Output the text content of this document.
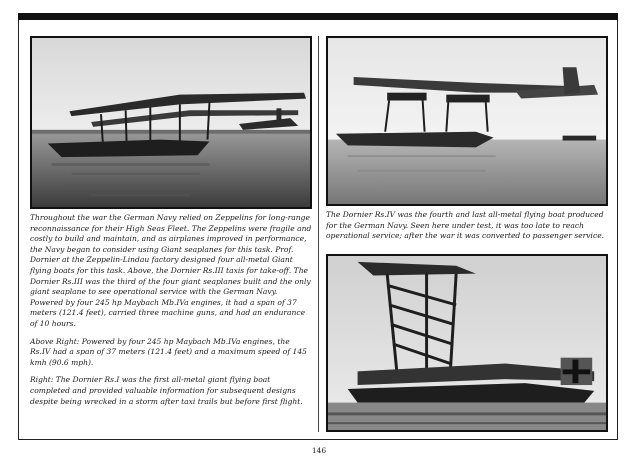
Throughout the war the German Navy relied on Zeppelins for long-range reconnaissance for their High Seas Fleet. The Zeppelins were fragile and costly to build and maintain, and as airplanes improved in performance, the Navy began to consider using Giant seaplanes for this task. Prof. Dornier at the Zeppelin-Lindau factory designed four all-metal Giant flying boats for this task. Above, the Dornier Rs.III taxis for take-off. The Dornier Rs.III was the third of the four giant seaplanes built and the only giant seaplane to see operational service with the German Navy. Powered by four 245 hp Maybach Mb.IVa engines, it had a span of 37 meters (121.4 feet), carried three machine guns, and had an endurance of 10 hours.

Above Right: Powered by four 245 hp Maybach Mb.IVa engines, the Rs.IV had a span of 37 meters (121.4 feet) and a maximum speed of 145 kmh (90.6 mph).

Right: The Dornier Rs.I was the first all-metal giant flying boat completed and provided valuable information for subsequent designs despite being wrecked in a storm after taxi trails but before first flight.

The Dornier Rs.IV was the fourth and last all-metal flying boat produced for the German Navy. Seen here under test, it was too late to reach operational service; after the war it was converted to passenger service.

146
